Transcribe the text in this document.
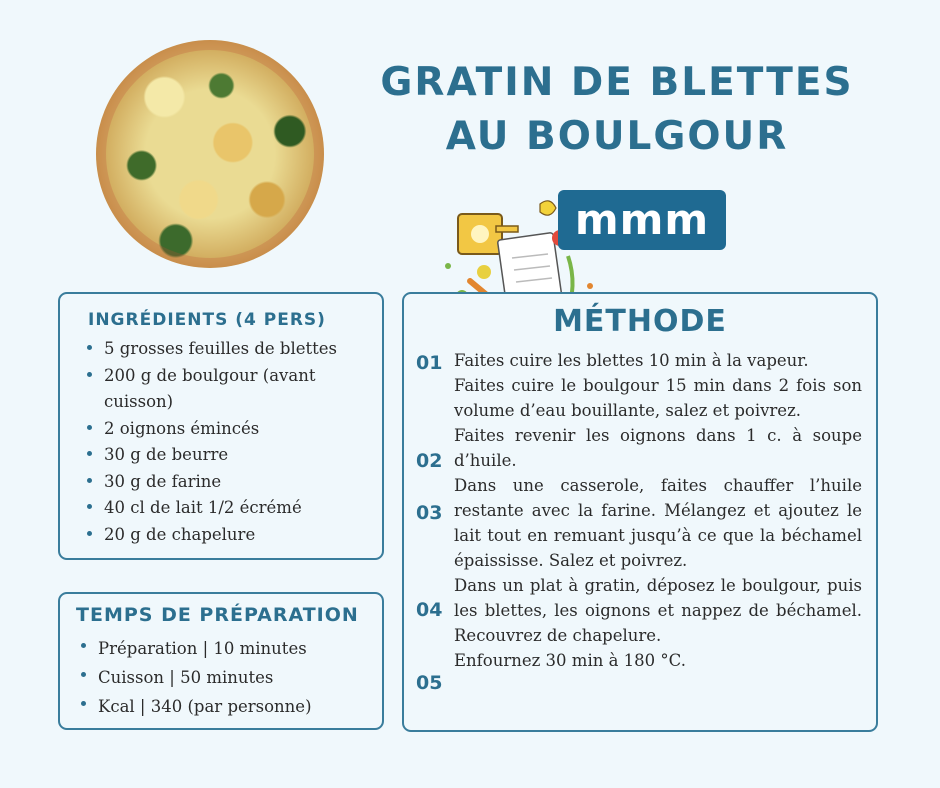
GRATIN DE BLETTES
AU BOULGOUR
mmm
INGRÉDIENTS (4 PERS)
5 grosses feuilles de blettes
200 g de boulgour (avant cuisson)
2 oignons émincés
30 g de beurre
30 g de farine
40 cl de lait 1/2 écrémé
20 g de chapelure
TEMPS DE PRÉPARATION
Préparation | 10 minutes
Cuisson | 50 minutes
Kcal | 340 (par personne)
MÉTHODE
01
02
03
04
05

Faites cuire les blettes 10 min à la vapeur.

Faites cuire le boulgour 15 min dans 2 fois son volume d’eau bouillante, salez et poivrez.

Faites revenir les oignons dans 1 c. à soupe d’huile.

Dans une casserole, faites chauffer l’huile restante avec la farine. Mélangez et ajoutez le lait tout en remuant jusqu’à ce que la béchamel épaississe. Salez et poivrez.

Dans un plat à gratin, déposez le boulgour, puis les blettes, les oignons et nappez de béchamel. Recouvrez de chapelure.

Enfournez 30 min à 180 °C.
